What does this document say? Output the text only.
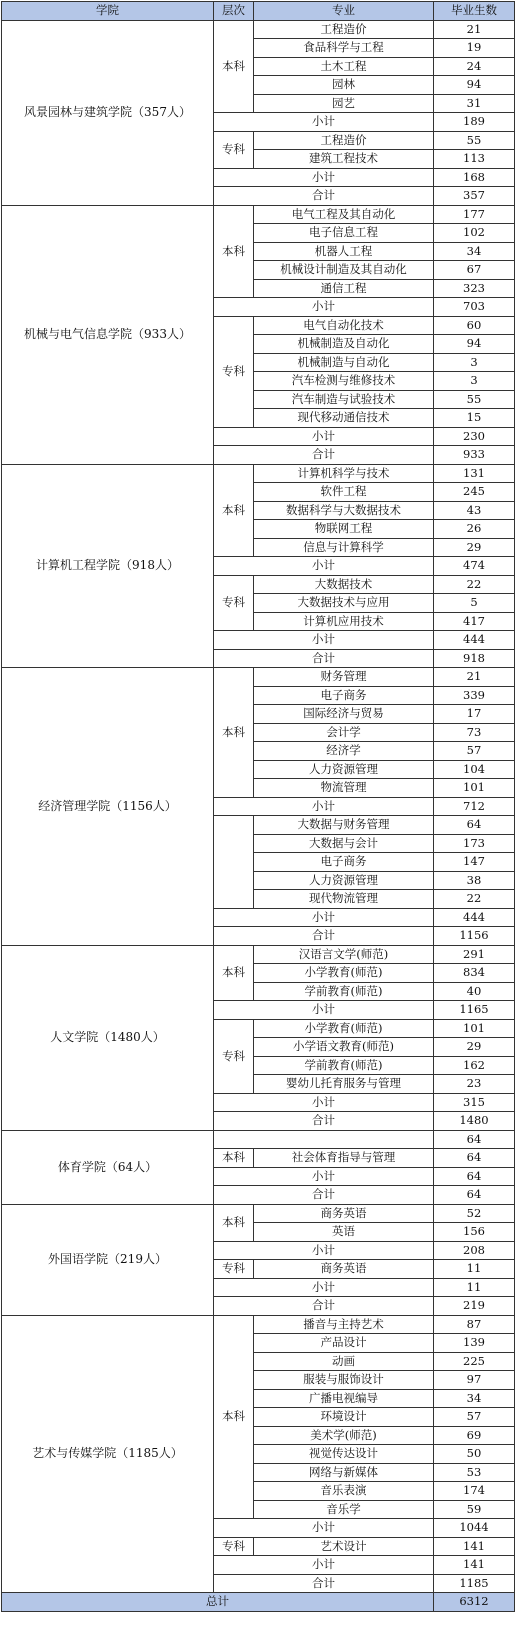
学院	层次	专业	毕业生数
风景园林与建筑学院（357人）	本科	工程造价	21
		食品科学与工程	19
		土木工程	24
		园林	94
		园艺	31
	小计		189
	专科	工程造价	55
		建筑工程技术	113
	小计		168
	合计		357
机械与电气信息学院（933人）	本科	电气工程及其自动化	177
		电子信息工程	102
		机器人工程	34
		机械设计制造及其自动化	67
		通信工程	323
	小计		703
	专科	电气自动化技术	60
		机械制造及自动化	94
		机械制造与自动化	3
		汽车检测与维修技术	3
		汽车制造与试验技术	55
		现代移动通信技术	15
	小计		230
	合计		933
计算机工程学院（918人）	本科	计算机科学与技术	131
		软件工程	245
		数据科学与大数据技术	43
		物联网工程	26
		信息与计算科学	29
	小计		474
	专科	大数据技术	22
		大数据技术与应用	5
		计算机应用技术	417
	小计		444
	合计		918
经济管理学院（1156人）	本科	财务管理	21
		电子商务	339
		国际经济与贸易	17
		会计学	73
		经济学	57
		人力资源管理	104
		物流管理	101
	小计		712
		大数据与财务管理	64
		大数据与会计	173
		电子商务	147
		人力资源管理	38
		现代物流管理	22
	小计		444
	合计		1156
人文学院（1480人）	本科	汉语言文学(师范)	291
		小学教育(师范)	834
		学前教育(师范)	40
	小计		1165
	专科	小学教育(师范)	101
		小学语文教育(师范)	29
		学前教育(师范)	162
		婴幼儿托育服务与管理	23
	小计		315
	合计		1480
体育学院（64人）			64
	本科	社会体育指导与管理	64
	小计		64
	合计		64
外国语学院（219人）	本科	商务英语	52
		英语	156
	小计		208
	专科	商务英语	11
	小计		11
	合计		219
艺术与传媒学院（1185人）	本科	播音与主持艺术	87
		产品设计	139
		动画	225
		服装与服饰设计	97
		广播电视编导	34
		环境设计	57
		美术学(师范)	69
		视觉传达设计	50
		网络与新媒体	53
		音乐表演	174
		音乐学	59
	小计		1044
	专科	艺术设计	141
	小计		141
	合计		1185
总计			6312
